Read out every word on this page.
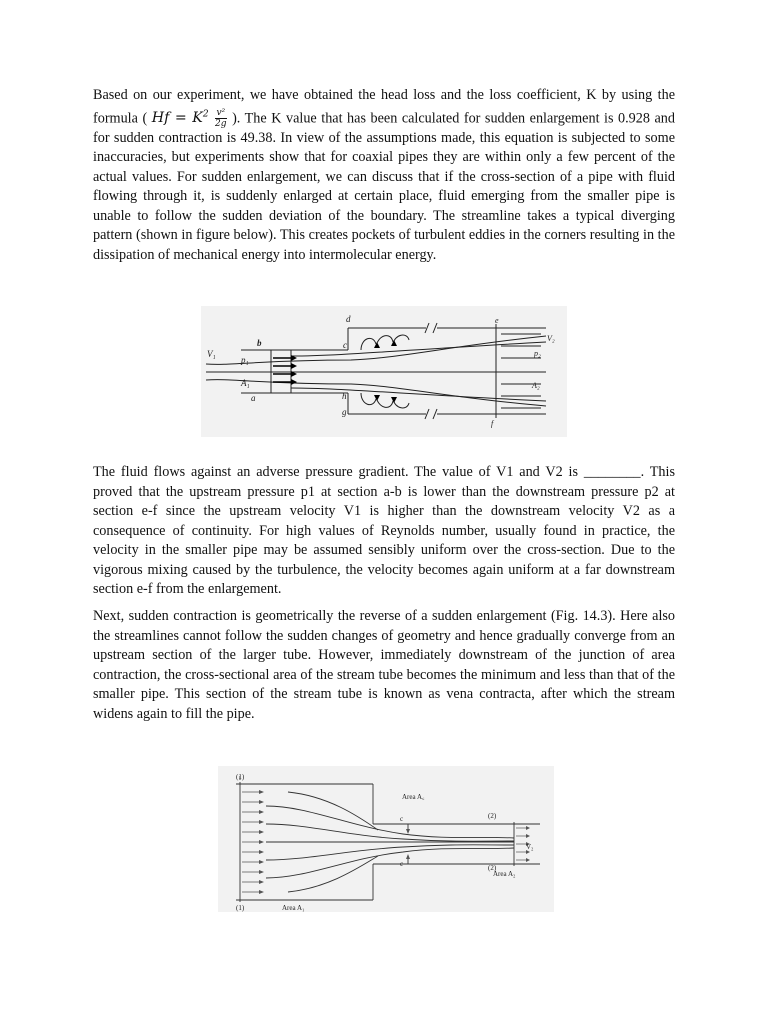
Based on our experiment, we have obtained the head loss and the loss coefficient, K by using the formula ( $Hf = K^2 \frac{\text{v²}}{2g}$ ). The K value that has been calculated for sudden enlargement is 0.928 and for sudden contraction is 49.38. In view of the assumptions made, this equation is subjected to some inaccuracies, but experiments show that for coaxial pipes they are within only a few percent of the actual values. For sudden enlargement, we can discuss that if the cross-section of a pipe with fluid flowing through it, is suddenly enlarged at certain place, fluid emerging from the smaller pipe is unable to follow the sudden deviation of the boundary. The streamline takes a typical diverging pattern (shown in figure below). This creates pockets of turbulent eddies in the corners resulting in the dissipation of mechanical energy into intermolecular energy.

V₁
p₁
A₁
b
a
d
c
h
g
e
f
V₂
p₂
A₂

The fluid flows against an adverse pressure gradient. The value of V1 and V2 is ________. This proved that the upstream pressure p1 at section a-b is lower than the downstream pressure p2 at section e-f since the upstream velocity V1 is higher than the downstream velocity V2 as a consequence of continuity. For high values of Reynolds number, usually found in practice, the velocity in the smaller pipe may be assumed sensibly uniform over the cross-section. Due to the vigorous mixing caused by the turbulence, the velocity becomes again uniform at a far downstream section e-f from the enlargement.

Next, sudden contraction is geometrically the reverse of a sudden enlargement (Fig. 14.3). Here also the streamlines cannot follow the sudden changes of geometry and hence gradually converge from an upstream section of the larger tube. However, immediately downstream of the junction of area contraction, the cross-sectional area of the stream tube becomes the minimum and less than that of the smaller pipe. This section of the stream tube is known as vena contracta, after which the stream widens again to fill the pipe.

(1)
(1)	Area A₁
Area A꜀
c
c
(2)
(2)
Area A₂
V₂
